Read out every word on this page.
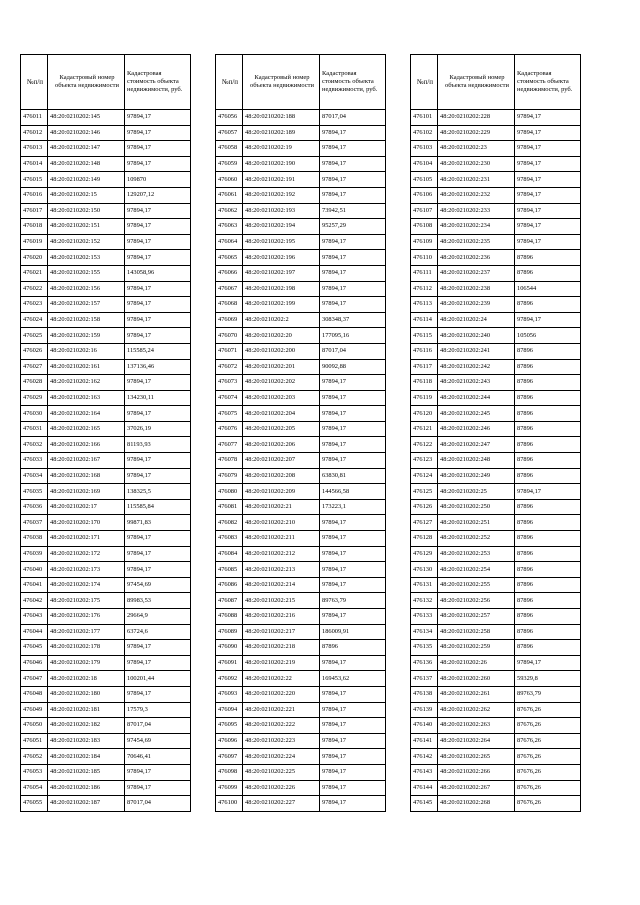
№п/п	Кадастровый номер объекта недвижимости	Кадастровая стоимость объекта недвижимости, руб.
476011	48:20:0210202:145	97894,17
476012	48:20:0210202:146	97894,17
476013	48:20:0210202:147	97894,17
476014	48:20:0210202:148	97894,17
476015	48:20:0210202:149	109870
476016	48:20:0210202:15	129207,12
476017	48:20:0210202:150	97894,17
476018	48:20:0210202:151	97894,17
476019	48:20:0210202:152	97894,17
476020	48:20:0210202:153	97894,17
476021	48:20:0210202:155	143058,96
476022	48:20:0210202:156	97894,17
476023	48:20:0210202:157	97894,17
476024	48:20:0210202:158	97894,17
476025	48:20:0210202:159	97894,17
476026	48:20:0210202:16	115585,24
476027	48:20:0210202:161	137136,46
476028	48:20:0210202:162	97894,17
476029	48:20:0210202:163	134230,11
476030	48:20:0210202:164	97894,17
476031	48:20:0210202:165	37026,19
476032	48:20:0210202:166	81193,93
476033	48:20:0210202:167	97894,17
476034	48:20:0210202:168	97894,17
476035	48:20:0210202:169	138325,5
476036	48:20:0210202:17	115585,84
476037	48:20:0210202:170	99871,83
476038	48:20:0210202:171	97894,17
476039	48:20:0210202:172	97894,17
476040	48:20:0210202:173	97894,17
476041	48:20:0210202:174	97454,69
476042	48:20:0210202:175	89983,53
476043	48:20:0210202:176	29664,9
476044	48:20:0210202:177	63724,6
476045	48:20:0210202:178	97894,17
476046	48:20:0210202:179	97894,17
476047	48:20:0210202:18	100201,44
476048	48:20:0210202:180	97894,17
476049	48:20:0210202:181	17579,3
476050	48:20:0210202:182	87017,04
476051	48:20:0210202:183	97454,69
476052	48:20:0210202:184	70646,41
476053	48:20:0210202:185	97894,17
476054	48:20:0210202:186	97894,17
476055	48:20:0210202:187	87017,04
№п/п	Кадастровый номер объекта недвижимости	Кадастровая стоимость объекта недвижимости, руб.
476056	48:20:0210202:188	87017,04
476057	48:20:0210202:189	97894,17
476058	48:20:0210202:19	97894,17
476059	48:20:0210202:190	97894,17
476060	48:20:0210202:191	97894,17
476061	48:20:0210202:192	97894,17
476062	48:20:0210202:193	73942,51
476063	48:20:0210202:194	95257,29
476064	48:20:0210202:195	97894,17
476065	48:20:0210202:196	97894,17
476066	48:20:0210202:197	97894,17
476067	48:20:0210202:198	97894,17
476068	48:20:0210202:199	97894,17
476069	48:20:0210202:2	308348,37
476070	48:20:0210202:20	177095,16
476071	48:20:0210202:200	87017,04
476072	48:20:0210202:201	90092,88
476073	48:20:0210202:202	97894,17
476074	48:20:0210202:203	97894,17
476075	48:20:0210202:204	97894,17
476076	48:20:0210202:205	97894,17
476077	48:20:0210202:206	97894,17
476078	48:20:0210202:207	97894,17
476079	48:20:0210202:208	63830,81
476080	48:20:0210202:209	144566,58
476081	48:20:0210202:21	173223,1
476082	48:20:0210202:210	97894,17
476083	48:20:0210202:211	97894,17
476084	48:20:0210202:212	97894,17
476085	48:20:0210202:213	97894,17
476086	48:20:0210202:214	97894,17
476087	48:20:0210202:215	89763,79
476088	48:20:0210202:216	97894,17
476089	48:20:0210202:217	186009,91
476090	48:20:0210202:218	87896
476091	48:20:0210202:219	97894,17
476092	48:20:0210202:22	169453,62
476093	48:20:0210202:220	97894,17
476094	48:20:0210202:221	97894,17
476095	48:20:0210202:222	97894,17
476096	48:20:0210202:223	97894,17
476097	48:20:0210202:224	97894,17
476098	48:20:0210202:225	97894,17
476099	48:20:0210202:226	97894,17
476100	48:20:0210202:227	97894,17
№п/п	Кадастровый номер объекта недвижимости	Кадастровая стоимость объекта недвижимости, руб.
476101	48:20:0210202:228	97894,17
476102	48:20:0210202:229	97894,17
476103	48:20:0210202:23	97894,17
476104	48:20:0210202:230	97894,17
476105	48:20:0210202:231	97894,17
476106	48:20:0210202:232	97894,17
476107	48:20:0210202:233	97894,17
476108	48:20:0210202:234	97894,17
476109	48:20:0210202:235	97894,17
476110	48:20:0210202:236	87896
476111	48:20:0210202:237	87896
476112	48:20:0210202:238	106544
476113	48:20:0210202:239	87896
476114	48:20:0210202:24	97894,17
476115	48:20:0210202:240	105056
476116	48:20:0210202:241	87896
476117	48:20:0210202:242	87896
476118	48:20:0210202:243	87896
476119	48:20:0210202:244	87896
476120	48:20:0210202:245	87896
476121	48:20:0210202:246	87896
476122	48:20:0210202:247	87896
476123	48:20:0210202:248	87896
476124	48:20:0210202:249	87896
476125	48:20:0210202:25	97894,17
476126	48:20:0210202:250	87896
476127	48:20:0210202:251	87896
476128	48:20:0210202:252	87896
476129	48:20:0210202:253	87896
476130	48:20:0210202:254	87896
476131	48:20:0210202:255	87896
476132	48:20:0210202:256	87896
476133	48:20:0210202:257	87896
476134	48:20:0210202:258	87896
476135	48:20:0210202:259	87896
476136	48:20:0210202:26	97894,17
476137	48:20:0210202:260	59329,8
476138	48:20:0210202:261	89763,79
476139	48:20:0210202:262	87676,26
476140	48:20:0210202:263	87676,26
476141	48:20:0210202:264	87676,26
476142	48:20:0210202:265	87676,26
476143	48:20:0210202:266	87676,26
476144	48:20:0210202:267	87676,26
476145	48:20:0210202:268	87676,26
